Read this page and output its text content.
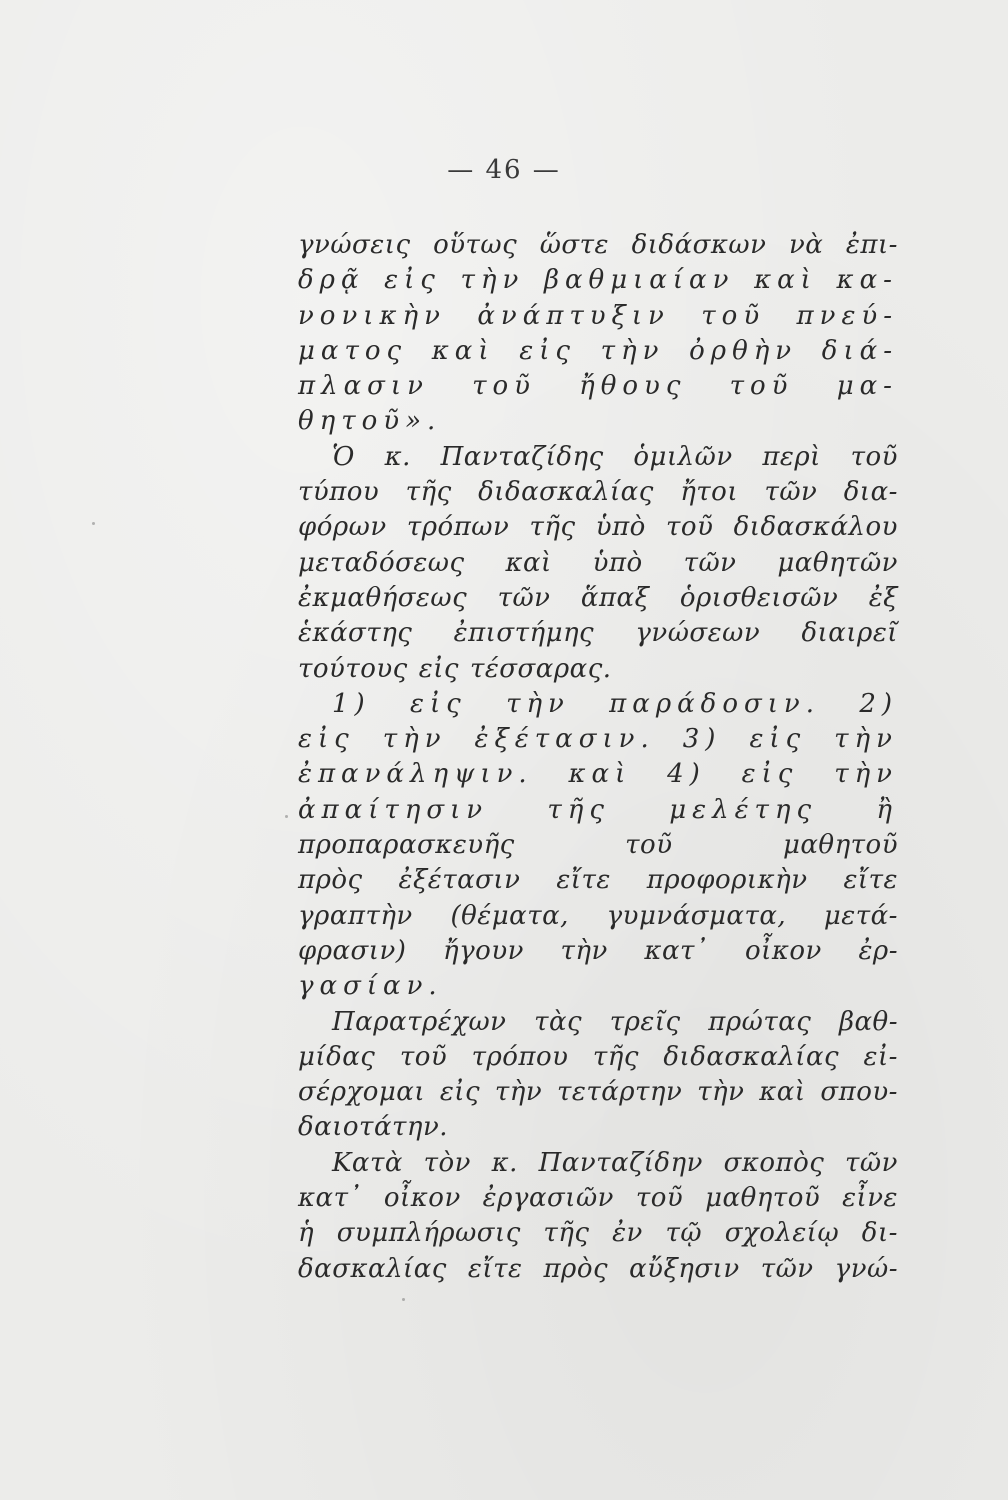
— 46 —
γνώσεις οὕτως ὥστε διδάσκων νὰ ἐπι-
δρᾷ εἰς τὴν βαθμιαίαν καὶ κα-
νονικὴν ἀνάπτυξιν τοῦ πνεύ-
ματος καὶ εἰς τὴν ὀρθὴν διά-
πλασιν τοῦ ἤθους τοῦ μα-
θητοῦ».
Ὁ κ. Πανταζίδης ὁμιλῶν περὶ τοῦ
τύπου τῆς διδασκαλίας ἤτοι τῶν δια-
φόρων τρόπων τῆς ὑπὸ τοῦ διδασκάλου
μεταδόσεως καὶ ὑπὸ τῶν μαθητῶν
ἐκμαθήσεως τῶν ἅπαξ ὁρισθεισῶν ἐξ
ἑκάστης ἐπιστήμης γνώσεων διαιρεῖ
τούτους εἰς τέσσαρας.
1) εἰς τὴν παράδοσιν. 2)
εἰς τὴν ἐξέτασιν. 3) εἰς τὴν
ἐπανάληψιν. καὶ 4) εἰς τὴν
ἀπαίτησιν τῆς μελέτης ἢ
προπαρασκευῆς	τοῦ	μαθητοῦ
πρὸς ἐξέτασιν εἴτε προφορικὴν εἴτε
γραπτὴν (θέματα, γυμνάσματα, μετά-
φρασιν) ἤγουν τὴν κατ᾽ οἶκον ἐρ-
γασίαν.
Παρατρέχων τὰς τρεῖς πρώτας βαθ-
μίδας τοῦ τρόπου τῆς διδασκαλίας εἰ-
σέρχομαι εἰς τὴν τετάρτην τὴν καὶ σπου-
δαιοτάτην.
Κατὰ τὸν κ. Πανταζίδην σκοπὸς τῶν
κατ᾽ οἶκον ἐργασιῶν τοῦ μαθητοῦ εἶνε
ἡ συμπλήρωσις τῆς ἐν τῷ σχολείῳ δι-
δασκαλίας εἴτε πρὸς αὔξησιν τῶν γνώ-
